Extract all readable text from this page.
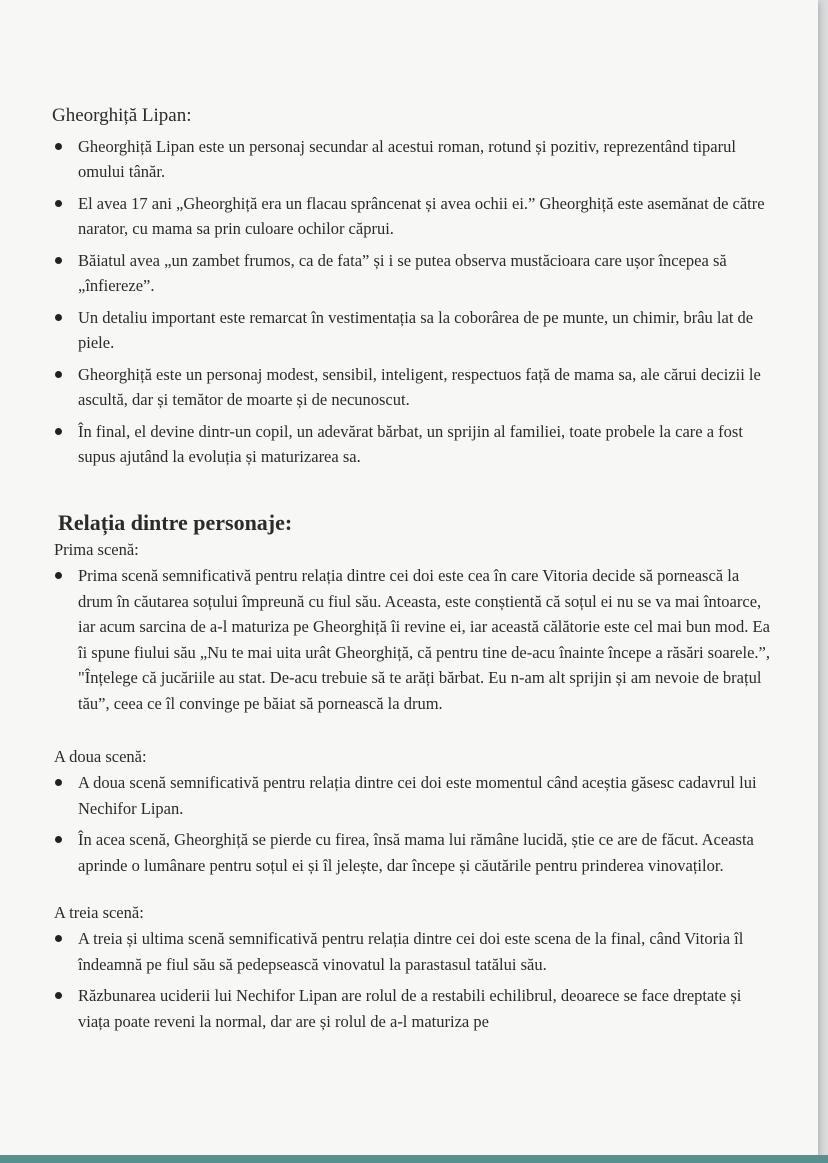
Gheorghiță Lipan:
Gheorghiță Lipan este un personaj secundar al acestui roman, rotund și pozitiv, reprezentând tiparul omului tânăr.
El avea 17 ani „Gheorghiță era un flacau sprâncenat și avea ochii ei.” Gheorghiță este asemănat de către narator, cu mama sa prin culoare ochilor căprui.
Băiatul avea „un zambet frumos, ca de fata” și i se putea observa mustăcioara care ușor începea să „înfiereze”.
Un detaliu important este remarcat în vestimentația sa la coborârea de pe munte, un chimir, brâu lat de piele.
Gheorghiță este un personaj modest, sensibil, inteligent, respectuos față de mama sa, ale cărui decizii le ascultă, dar și temător de moarte și de necunoscut.
În final, el devine dintr-un copil, un adevărat bărbat, un sprijin al familiei, toate probele la care a fost supus ajutând la evoluția și maturizarea sa.
Relația dintre personaje:
Prima scenă:
Prima scenă semnificativă pentru relația dintre cei doi este cea în care Vitoria decide să pornească la drum în căutarea soțului împreună cu fiul său. Aceasta, este conștientă că soțul ei nu se va mai întoarce, iar acum sarcina de a-l maturiza pe Gheorghiță îi revine ei, iar această călătorie este cel mai bun mod. Ea îi spune fiului său „Nu te mai uita urât Gheorghiță, că pentru tine de-acu înainte începe a răsări soarele.”, "Înțelege că jucăriile au stat. De-acu trebuie să te arăți bărbat. Eu n-am alt sprijin și am nevoie de brațul tău”, ceea ce îl convinge pe băiat să pornească la drum.
A doua scenă:
A doua scenă semnificativă pentru relația dintre cei doi este momentul când aceștia găsesc cadavrul lui Nechifor Lipan.
În acea scenă, Gheorghiță se pierde cu firea, însă mama lui rămâne lucidă, știe ce are de făcut. Aceasta aprinde o lumânare pentru soțul ei și îl jelește, dar începe și căutările pentru prinderea vinovaților.
A treia scenă:
A treia și ultima scenă semnificativă pentru relația dintre cei doi este scena de la final, când Vitoria îl îndeamnă pe fiul său să pedepsească vinovatul la parastasul tatălui său.
Răzbunarea uciderii lui Nechifor Lipan are rolul de a restabili echilibrul, deoarece se face dreptate și viața poate reveni la normal, dar are și rolul de a-l maturiza pe
